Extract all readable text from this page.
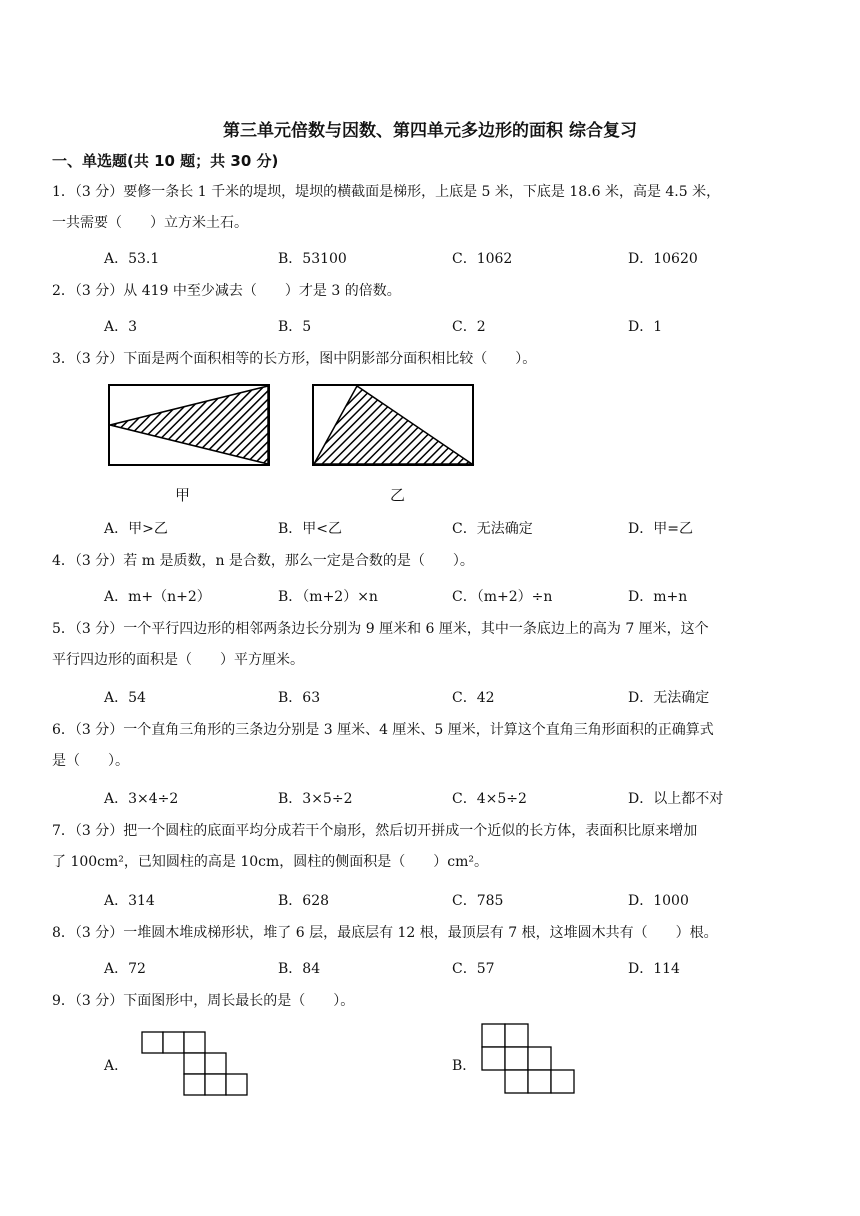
第三单元倍数与因数、第四单元多边形的面积 综合复习
一、单选题(共 10 题；共 30 分)
1．（3 分）要修一条长 1 千米的堤坝，堤坝的横截面是梯形，上底是 5 米，下底是 18.6 米，高是 4.5 米，
一共需要（　　）立方米土石。
A．53.1	B．53100	C．1062	D．10620
2．（3 分）从 419 中至少减去（　　）才是 3 的倍数。
A．3	B．5	C．2	D．1
3．（3 分）下面是两个面积相等的长方形，图中阴影部分面积相比较（　　）。
甲	乙
A．甲>乙	B．甲<乙	C．无法确定	D．甲=乙
4．（3 分）若 m 是质数，n 是合数，那么一定是合数的是（　　）。
A．m+（n+2）	B．（m+2）×n	C．（m+2）÷n	D．m+n
5．（3 分）一个平行四边形的相邻两条边长分别为 9 厘米和 6 厘米，其中一条底边上的高为 7 厘米，这个
平行四边形的面积是（　　）平方厘米。
A．54	B．63	C．42	D．无法确定
6．（3 分）一个直角三角形的三条边分别是 3 厘米、4 厘米、5 厘米，计算这个直角三角形面积的正确算式
是（　　）。
A．3×4÷2	B．3×5÷2	C．4×5÷2	D．以上都不对
7．（3 分）把一个圆柱的底面平均分成若干个扇形，然后切开拼成一个近似的长方体，表面积比原来增加
了 100cm²，已知圆柱的高是 10cm，圆柱的侧面积是（　　）cm²。
A．314	B．628	C．785	D．1000
8．（3 分）一堆圆木堆成梯形状，堆了 6 层，最底层有 12 根，最顶层有 7 根，这堆圆木共有（　　）根。
A．72	B．84	C．57	D．114
9．（3 分）下面图形中，周长最长的是（　　）。
A．	B．
